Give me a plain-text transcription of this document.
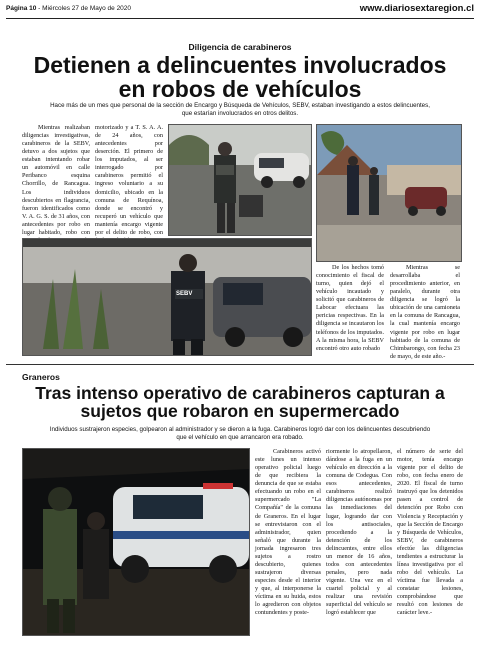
Página 10 - Miércoles 27 de Mayo de 2020	www.diariosextaregion.cl
Diligencia de carabineros
Detienen a delincuentes involucrados
en robos de vehículos
Hace más de un mes que personal de la sección de Encargo y Búsqueda de Vehículos, SEBV, estaban investigando a estos delincuentes,
que estarían involucrados en otros delitos.

Mientras realizaban diligencias investigativas, carabineros de la SEBV, detuvo a dos sujetos que estaban intentando robar un automóvil en calle Peribanco esquina Chorrillo, de Rancagua. Los individuos descubiertos en flagrancia, fueron identificados como V. A. G. S. de 31 años, con antecedentes por robo en lugar habitado, robo con

motorizado y a T. S. A. A. de 24 años, con antecedentes por deserción. El primero de los imputados, al ser interrogado por carabineros permitió el ingreso voluntario a su domicilio, ubicado en la comuna de Requínoa, donde se encontró y recuperó un vehículo que mantenía encargo vigente por el delito de robo, con

SEBV

De los hechos tomó conocimiento el fiscal de turno, quien dejó el vehículo incautado y solicitó que carabineros de Labocar efectuara las pericias respectivas. En la diligencia se incautaron los teléfonos de los imputados. A la misma hora, la SEBV encontró otro auto robado

Mientras se desarrollaba el procedimiento anterior, en paralelo, durante otra diligencia se logró la ubicación de una camioneta en la comuna de Rancagua, la cual mantenía encargo vigente por robo en lugar habitado de la comuna de Chimbarongo, con fecha 23 de mayo, de este año.-

Graneros
Tras intenso operativo de carabineros capturan a
sujetos que robaron en supermercado
Individuos sustrajeron especies, golpearon al administrador y se dieron a la fuga. Carabineros logró dar con los delincuentes descubriendo
que el vehículo en que arrancaron era robado.

Carabineros activó este lunes un intenso operativo policial luego de que recibiera la denuncia de que se estaba efectuando un robo en el supermercado "La Compañía" de la comuna de Graneros. En el lugar se entrevistaron con el administrador, quien señaló que durante la jornada ingresaron tres sujetos a rostro descubierto, quienes sustrajeron diversas especies desde el interior y que, al interponerse la víctima en su huida, estos lo agredieron con objetos contundentes y poste-

riormente lo atropellaron, dándose a la fuga en un vehículo en dirección a la comuna de Codegua. Con esos antecedentes, carabineros realizó diligencias autónomas por las inmediaciones del lugar, logrando dar con los antisociales, procediendo a la detención de los delincuentes, entre ellos un menor de 16 años, todos con antecedentes penales, pero nada vigente. Una vez en el cuartel policial y al realizar una revisión superficial del vehículo se logró establecer que

el número de serie del motor, tenía encargo vigente por el delito de robo, con fecha enero de 2020. El fiscal de turno instruyó que los detenidos pasen a control de detención por Robo con Violencia y Receptación y que la Sección de Encargo y Búsqueda de Vehículos, SEBV, de carabineros efectúe las diligencias tendientes a estructurar la línea investigativa por el robo del vehículo. La víctima fue llevada a constatar lesiones, comprobándose que resultó con lesiones de carácter leve.-
